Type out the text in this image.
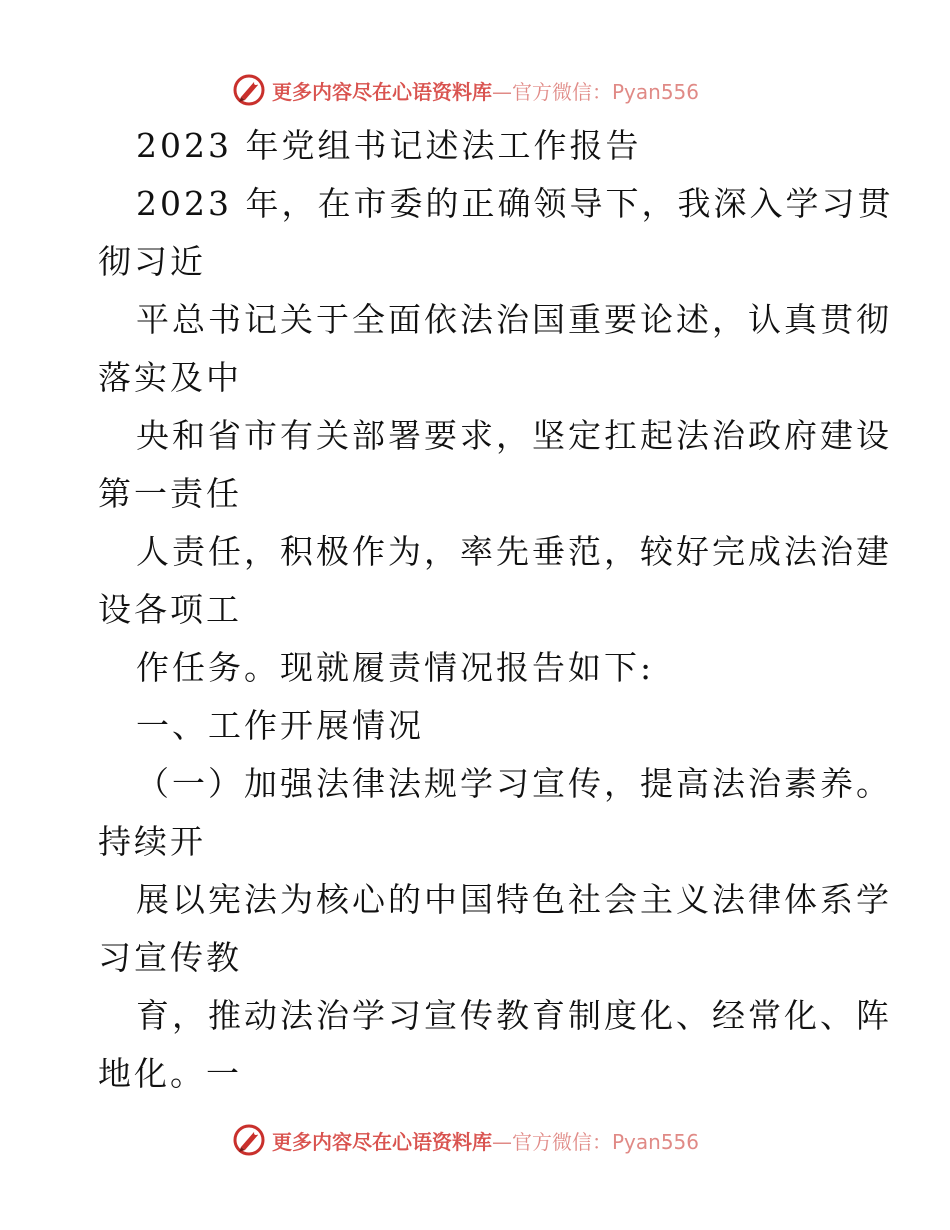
更多内容尽在心语资料库 —官方微信：Pyan556
2023 年党组书记述法工作报告
2023 年，在市委的正确领导下，我深入学习贯
彻习近
平总书记关于全面依法治国重要论述，认真贯彻
落实及中
央和省市有关部署要求，坚定扛起法治政府建设
第一责任
人责任，积极作为，率先垂范，较好完成法治建
设各项工
作任务。现就履责情况报告如下:
一、工作开展情况
（一）加强法律法规学习宣传，提高法治素养。
持续开
展以宪法为核心的中国特色社会主义法律体系学
习宣传教
育，推动法治学习宣传教育制度化、经常化、阵
地化。一
更多内容尽在心语资料库 —官方微信：Pyan556
